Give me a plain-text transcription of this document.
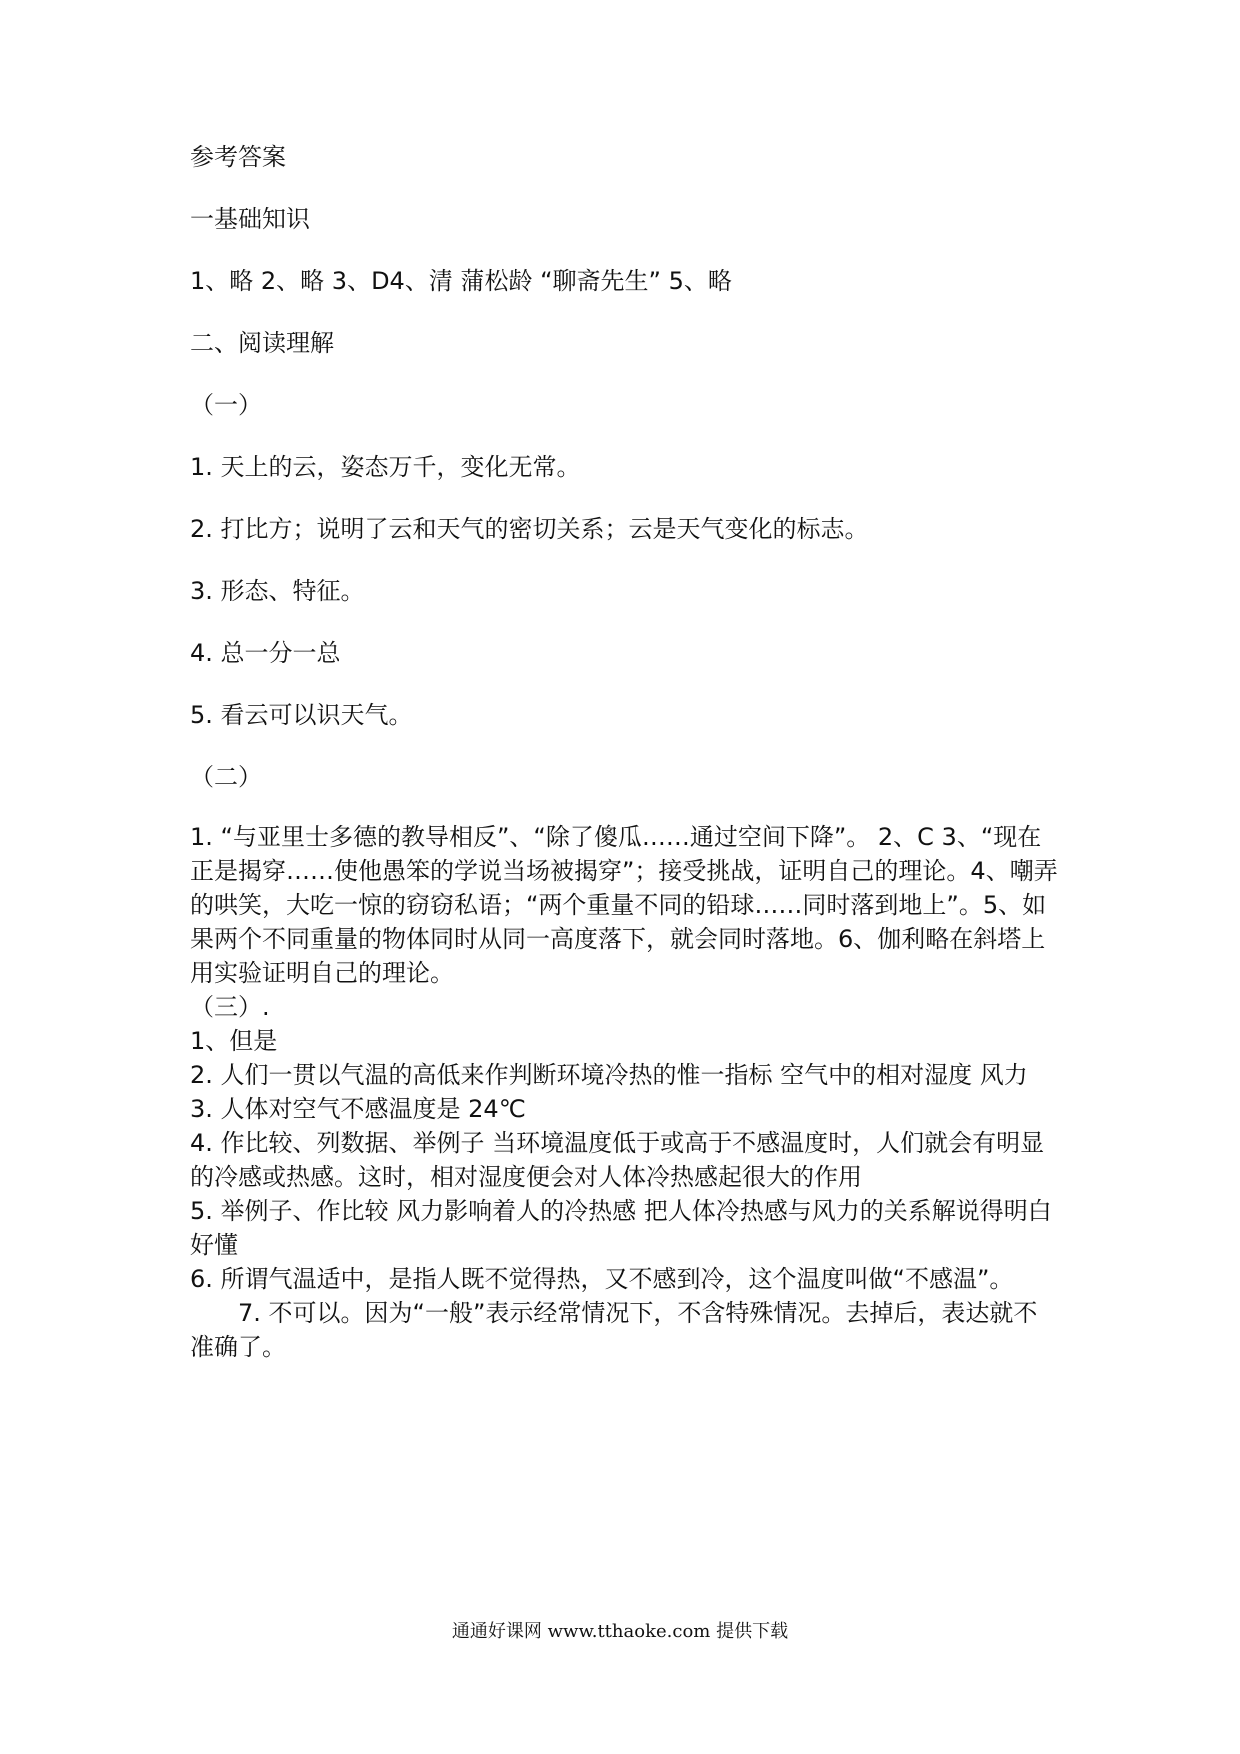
参考答案

一基础知识

1、略 2、略 3、D4、清 蒲松龄 “聊斋先生” 5、略

二、阅读理解

（一）

1. 天上的云，姿态万千，变化无常。

2. 打比方；说明了云和天气的密切关系；云是天气变化的标志。

3. 形态、特征。

4. 总一分一总

5. 看云可以识天气。

（二）

1. “与亚里士多德的教导相反”、“除了傻瓜……通过空间下降”。 2、C 3、“现在正是揭穿……使他愚笨的学说当场被揭穿”；接受挑战，证明自己的理论。4、嘲弄的哄笑，大吃一惊的窃窃私语；“两个重量不同的铅球……同时落到地上”。5、如果两个不同重量的物体同时从同一高度落下，就会同时落地。6、伽利略在斜塔上用实验证明自己的理论。

（三）.

1、但是

2. 人们一贯以气温的高低来作判断环境冷热的惟一指标 空气中的相对湿度 风力

3. 人体对空气不感温度是 24℃

4. 作比较、列数据、举例子 当环境温度低于或高于不感温度时，人们就会有明显的冷感或热感。这时，相对湿度便会对人体冷热感起很大的作用

5. 举例子、作比较 风力影响着人的冷热感 把人体冷热感与风力的关系解说得明白好懂

6. 所谓气温适中，是指人既不觉得热，又不感到冷，这个温度叫做“不感温”。

7. 不可以。因为“一般”表示经常情况下，不含特殊情况。去掉后，表达就不准确了。

通通好课网 www.tthaoke.com 提供下载
